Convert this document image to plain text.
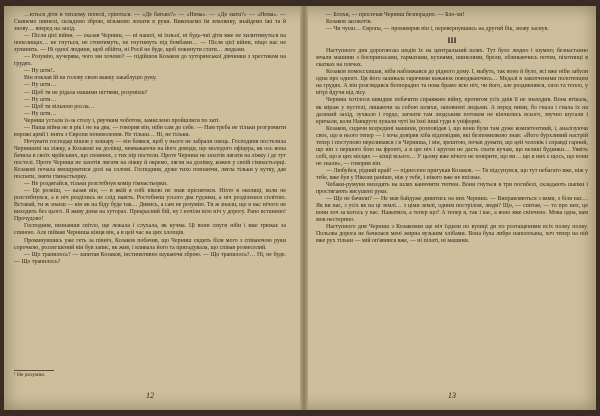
…ються діти в теплому попелі, гріються. — «Де батько?» — «Нема». — «Де мати?» — «Нема». — Скинемо шинелі, складемо зброю, візьмемо лопати в руки. Викопаємо їм землянку, знайдемо їжі та й знову… вперед на захід.

— Після цієї війни, — сказав Черниш, — ні нашої, ні їхньої, ні будь-чиї діти вже не хилитимуться на попелищах… не гнуться, не стоятимуть, не гнутимуть під бомбами… — Після цієї війни, ніщо нас не зупинить. — Ні одної людини, щоб обійти, ні Росії не буде, щоб покинути стати… людьми.

— Розумію, кучерява, чого ми хочемо? — підійшов Козаков до хуторянської дівчинки з хрестиком на грудях.

— Ну шти!..

Він поклав їй на голову свою важку закаблуцю руку.

— Ну шти…

— Щоб ти не рідала нашими нігтями, розумієш?

— Ну шти…

— Щоб ти вільною росла…

— Ну шти…

Черниш устали із-за столу і, рвучким чоботом, замислено пройшлися по хаті.

— Наша війна не в рік і не на два, — говорив він, ніби сам до себе. — Нам треба не тільки розгромити ворожі армії і знята з Європи поневолення. Не тільки… Ні, не тільки.

Ночувати господар вішов у кошару — він боявся, щоб у нього не забрали овець. Господиня постелила Чернишеві на ліжку, а Козакові на долівці, невважаючи на його доводи, що молодого офіцера, як ось вона бачила в своїх мрійських, що сповнює, з тих пір постели. Проте Черниш не захотів лягати на ліжку і де тут постелі. Проте Черниш не захотів лягати на ліжку й окремо, лягли на долівку, кожен у своїй гімнастьорці. Козакові почала вмощуватися долі на соломі. Господиня, дуже тихо повзаючи, лягла тільки у кутку, дав поспати, зняти гімнастьорку.

— Не роздягайся, тільки розстебнув комір гімнастьорки.

— Це розкіш, — казав він, — в якій я собі вікові не знав пріснятися. Ніхто в околиці, коли не розстебнувся, а в ніч розділись не слід навіть. Ростебнеш усього два гудзики, а ніч розділешся сплітою. Вставай, ти ж знаєш — він як на біду буде так… Дивись, а сам не розумію. Ти ж знаєш, що в нас нічого не виходить без цього. Я живу дома на хуторах. Прекрасний бій, ну і ночіли всю ніч у дорогу. Рано встанемо! Прочудово!

Господиня, визнавши світло, ще лежала і слухала, як кучма. Ці вони смуги ніби і вже грюкає за спиною. Але піймав Черниша кінця він, а в цей час на цих хлопців.

Прокинувшись уже геть за північ, Козаков побачив, що Черниш сидить біля мого з співаючою руки сорочкою, розлегшений він був запис, як жив, і вливала його та пригадувала, що співав розвеселий.

— Що трапилось? — запитав Козаков, інстинктивно шукаючи зброю. — Що трапилось?… Ні, не буде. — Що трапилось?

¹ Не розумію.
12

— Блохи, — просичав Черниш безпорадно. — Бло-хи!

Козаков засокотів.

— Чи чуєш… Європа, — промимрив він і, перевернувшись на другий бік, знову заснув.

III

Наступного дня дорогоюзаз шедів їх на центральний шлях. Тут було людно і шумно; безнастанно мчали машини з боєприпасами, гарматами, кухнями, шинелями, брели, обливаючись потом, піхотинці в скатках на плечах.

Козаков помоєсхишав, ніби наближався до рідного дому. І, мабуть, так воно й було, всі вже ніби забули одна про одного. Ця його заливала гарячими кожанок поводжаючись… Медалі в закопченими полотенцем на грудях. А він розглядався безпорадно та нова брамо всю ніч, чи його, але роздивлявся, сизо та тепло, у вітрі йдучи від лісу.

Черниш хотілося швидше побачити справжню війну, протягом усіх днів її не знаходив. Вона втікала, як міраж у пустелі, лишаючи за собою шляхи, заповнені людьми. А перед ними, бо гнала і гнала їх на далекий захід, зухвало і гордо, загнати там людським потоком не кінчились всього, звучно шугали і кричали, коли Навкруги лунали чуті їм їхні інші гуди в уніформі.

Козаков, сидячи всередині машини, розповідав і, що вони були там дуже компетентний, і, аналізуючи своє, що в нього тепер — і хоча довіряв хіба відповідям, які безпомилково знав: «Його бурхливий настрій тепер і поступово переливався і в Черниша, і він, зрештою, почав думати, що цей чоловік і справді гарний, що він з першого бою на фронті, а в цю ніч і кругом не дасть спати кучам, що великі будинки… Уявіть собі, що в цих місцях — кінці всього… У цьому вже нічого не повірите, що ви… що в них є щось, що вони не знали», — говорив він.

— Любуйся, рідний край! — піднесено пригукав Козаков. — Тв підсунувся, що тут небагато вже, ніж у тебе, вже був у Ніколи раніше, ніж у тебе, і нікого вже не впізнає.

Чебаки-румуни виходять на шлях канючити тютюн. Вони гнуться в три погибелі, складають шапки і простягають висушені руки.

— Що не бачили? — Не мав байдуже дивитись на них Черниш. — Виправляються з вами, з біля нас… Як ви нас, з усіх як на ці землі… з ціми землі, одним пострілом, люди? Що, — спитав, — то про них, це вони хоч за когось у вас. Нажатися, а тепер що? А тепер я, так і вас, а воно вже скінчено. Мова одна, вам мов нестерпно.

Наступного дня Черниш з Козаковим ще ніч їздили по вулиці ди по розтащеними всіх полку полку. Польова дорога не бачилася мені жирна вузьким хлібами. Вона була либре наполохана, хоч тепер на ній вже рух тільки — мій оп'явився вже, — ні пілаті, ні машини.

13
